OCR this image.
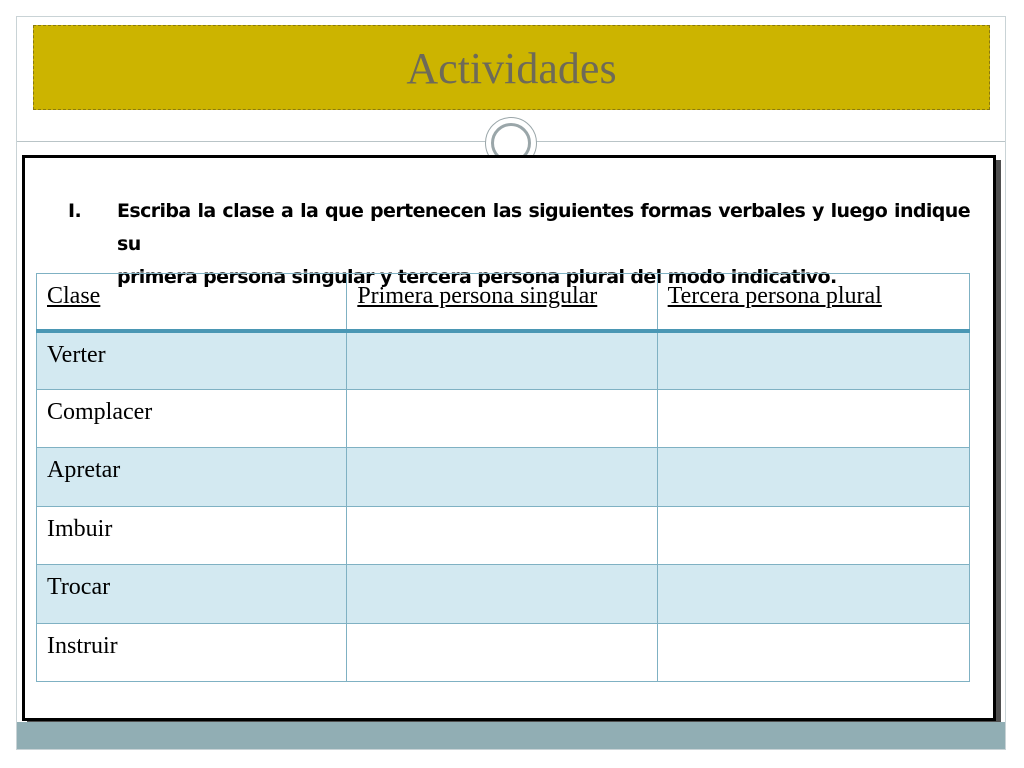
Actividades
I. Escriba la clase a la que pertenecen las siguientes formas verbales y luego indique su
primera persona singular y tercera persona plural del modo indicativo.
Clase	Primera persona singular	Tercera persona plural
Verter		
Complacer		
Apretar		
Imbuir		
Trocar		
Instruir		
